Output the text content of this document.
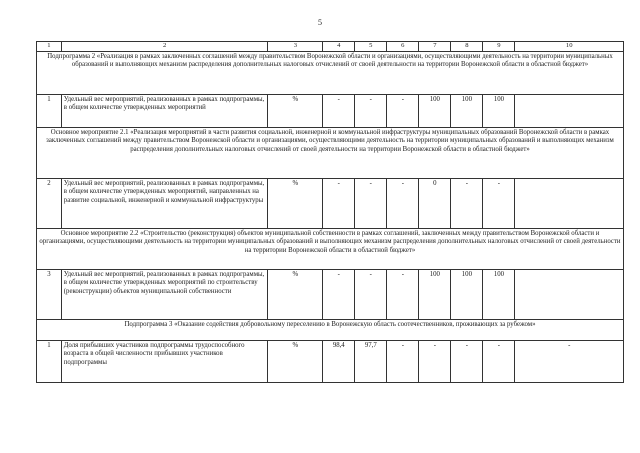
5
1	2	3	4	5	6	7	8	9	10
Подпрограмма 2 «Реализация в рамках заключенных соглашений между правительством Воронежской области и организациями, осуществляющими деятельность на территории муниципальных образований и выполняющих механизм распределения дополнительных налоговых отчислений от своей деятельности на территории Воронежской области в областной бюджет»									
1	Удельный вес мероприятий, реализованных в рамках подпрограммы, в общем количестве утвержденных мероприятий	%	-	-	-	100	100	100	
Основное мероприятие 2.1 «Реализация мероприятий в части развития социальной, инженерной и коммунальной инфраструктуры муниципальных образований Воронежской области в рамках заключенных соглашений между правительством Воронежской области и организациями, осуществляющими деятельность на территории муниципальных образований и выполняющих механизм распределения дополнительных налоговых отчислений от своей деятельности на территории Воронежской области в областной бюджет»									
2	Удельный вес мероприятий, реализованных в рамках подпрограммы, в общем количестве утвержденных мероприятий, направленных на развитие социальной, инженерной и коммунальной инфраструктуры	%	-	-	-	0	-	-	
Основное мероприятие 2.2 «Строительство (реконструкция) объектов муниципальной собственности в рамках соглашений, заключенных между правительством Воронежской области и организациями, осуществляющими деятельность на территории муниципальных образований и выполняющих механизм распределения дополнительных налоговых отчислений от своей деятельности на территории Воронежской области в областной бюджет»									
3	Удельный вес мероприятий, реализованных в рамках подпрограммы, в общем количестве утвержденных мероприятий по строительству (реконструкции) объектов муниципальной собственности	%	-	-	-	100	100	100	
Подпрограмма 3 «Оказание содействия добровольному переселению в Воронежскую область соотечественников, проживающих за рубежом»									
1	Доля прибывших участников подпрограммы трудоспособного возраста в общей численности прибывших участников подпрограммы	%	98,4	97,7	-	-	-	-	-
